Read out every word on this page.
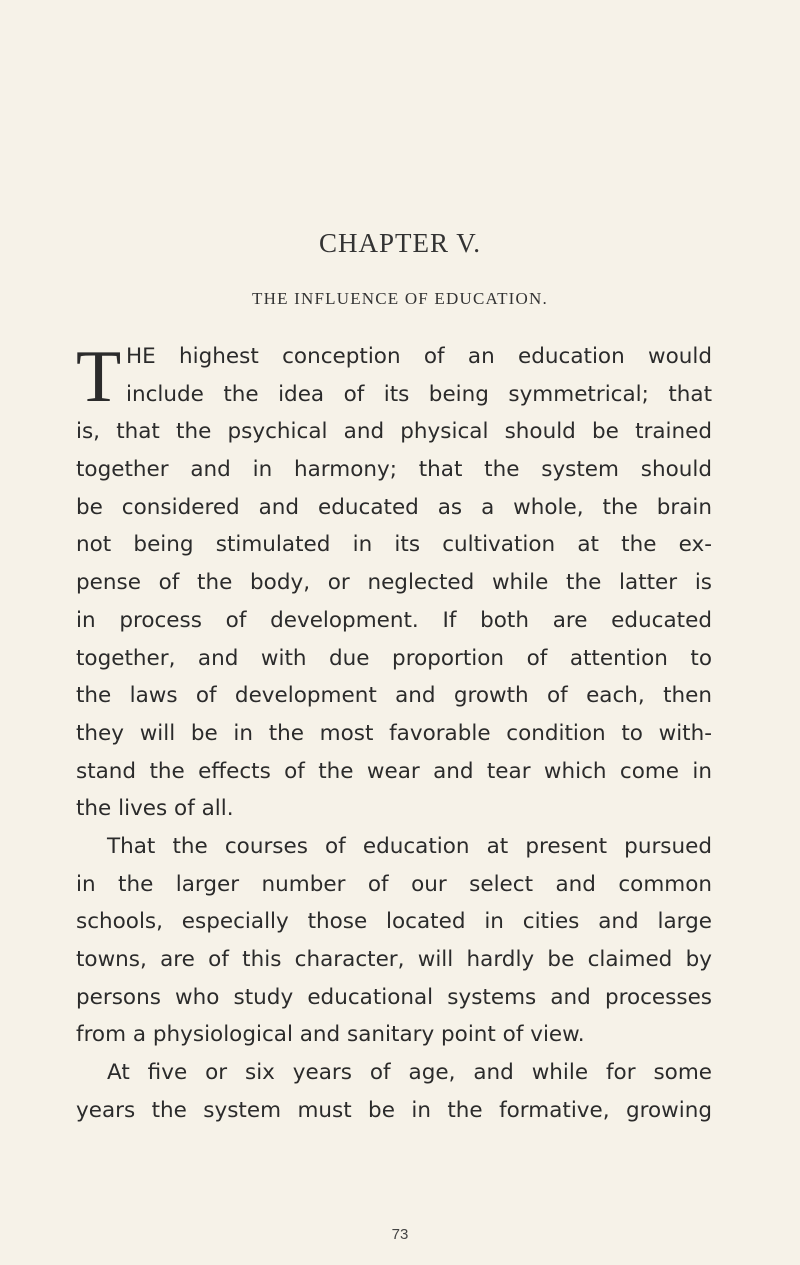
CHAPTER V.
THE INFLUENCE OF EDUCATION.
T HE highest conception of an education would
include the idea of its being symmetrical; that
is, that the psychical and physical should be trained
together and in harmony; that the system should
be considered and educated as a whole, the brain
not being stimulated in its cultivation at the ex-
pense of the body, or neglected while the latter is
in process of development. If both are educated
together, and with due proportion of attention to
the laws of development and growth of each, then
they will be in the most favorable condition to with-
stand the effects of the wear and tear which come in
the lives of all.
That the courses of education at present pursued
in the larger number of our select and common
schools, especially those located in cities and large
towns, are of this character, will hardly be claimed by
persons who study educational systems and processes
from a physiological and sanitary point of view.
At five or six years of age, and while for some
years the system must be in the formative, growing
73
